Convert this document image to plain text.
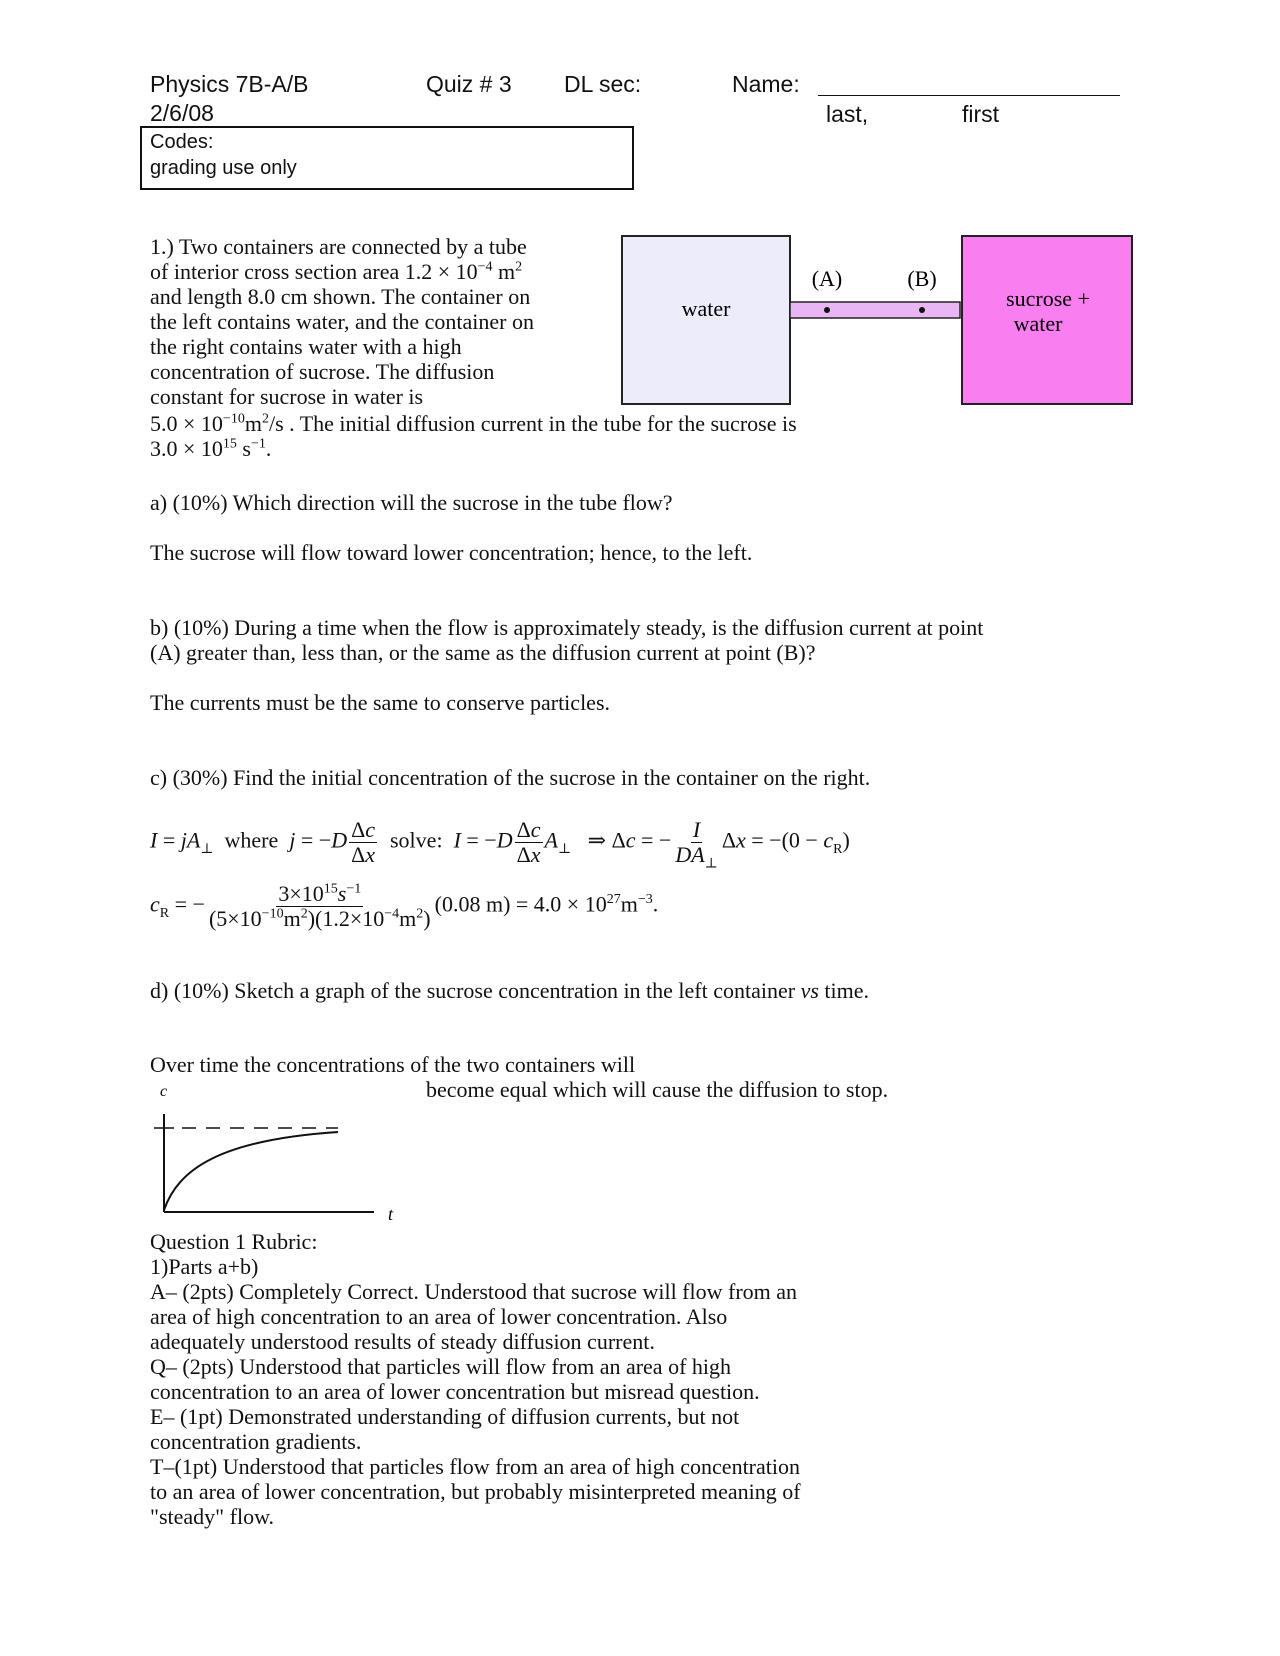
Physics 7B-A/B
2/6/08
Quiz # 3 DL sec:	Name:
last,	first
Codes:
grading use only
1.) Two containers are connected by a tube
of interior cross section area $1.2 \times 10^{-4}$ $m^2$
and length 8.0 cm shown. The container on
the left contains water, and the container on
the right contains water with a high
concentration of sucrose. The diffusion
constant for sucrose in water is
$5.0 \times 10^{-10}m^2/s$ . The initial diffusion current in the tube for the sucrose is
$3.0 \times 10^{15}$ $s^{-1}$.
water	sucrose +
water
(A)	(B)
a) (10%) Which direction will the sucrose in the tube flow?
The sucrose will flow toward lower concentration; hence, to the left.
b) (10%) During a time when the flow is approximately steady, is the diffusion current at point
(A) greater than, less than, or the same as the diffusion current at point (B)?
The currents must be the same to conserve particles.
c) (30%) Find the initial concentration of the sucrose in the container on the right.
$I = jA_\perp$ where $j = -D \frac{\Delta c}{\Delta x}$ solve: $I = -D \frac{\Delta c}{\Delta x} A_\perp$   ⇒ Δc = − $\frac{I}{DA_\perp}$ $\Delta x = -(0 - c_R)$
$c_R$ = − $\frac{3\times 10^{15}s^{-1}}{(5\times 10^{-10}m^2)(1.2\times 10^{-4}m^2)} (0.08$ $m) = 4.0 \times 10^{27}m^{-3}$.
d) (10%) Sketch a graph of the sucrose concentration in the left container vs time.
Over time the concentrations of the two containers will
become equal which will cause the diffusion to stop.
c
t
Question 1 Rubric:
1)Parts a+b)
A– (2pts) Completely Correct. Understood that sucrose will flow from an
area of high concentration to an area of lower concentration. Also
adequately understood results of steady diffusion current.
Q– (2pts) Understood that particles will flow from an area of high
concentration to an area of lower concentration but misread question.
E– (1pt) Demonstrated understanding of diffusion currents, but not
concentration gradients.
T–(1pt) Understood that particles flow from an area of high concentration
to an area of lower concentration, but probably misinterpreted meaning of
"steady" flow.
